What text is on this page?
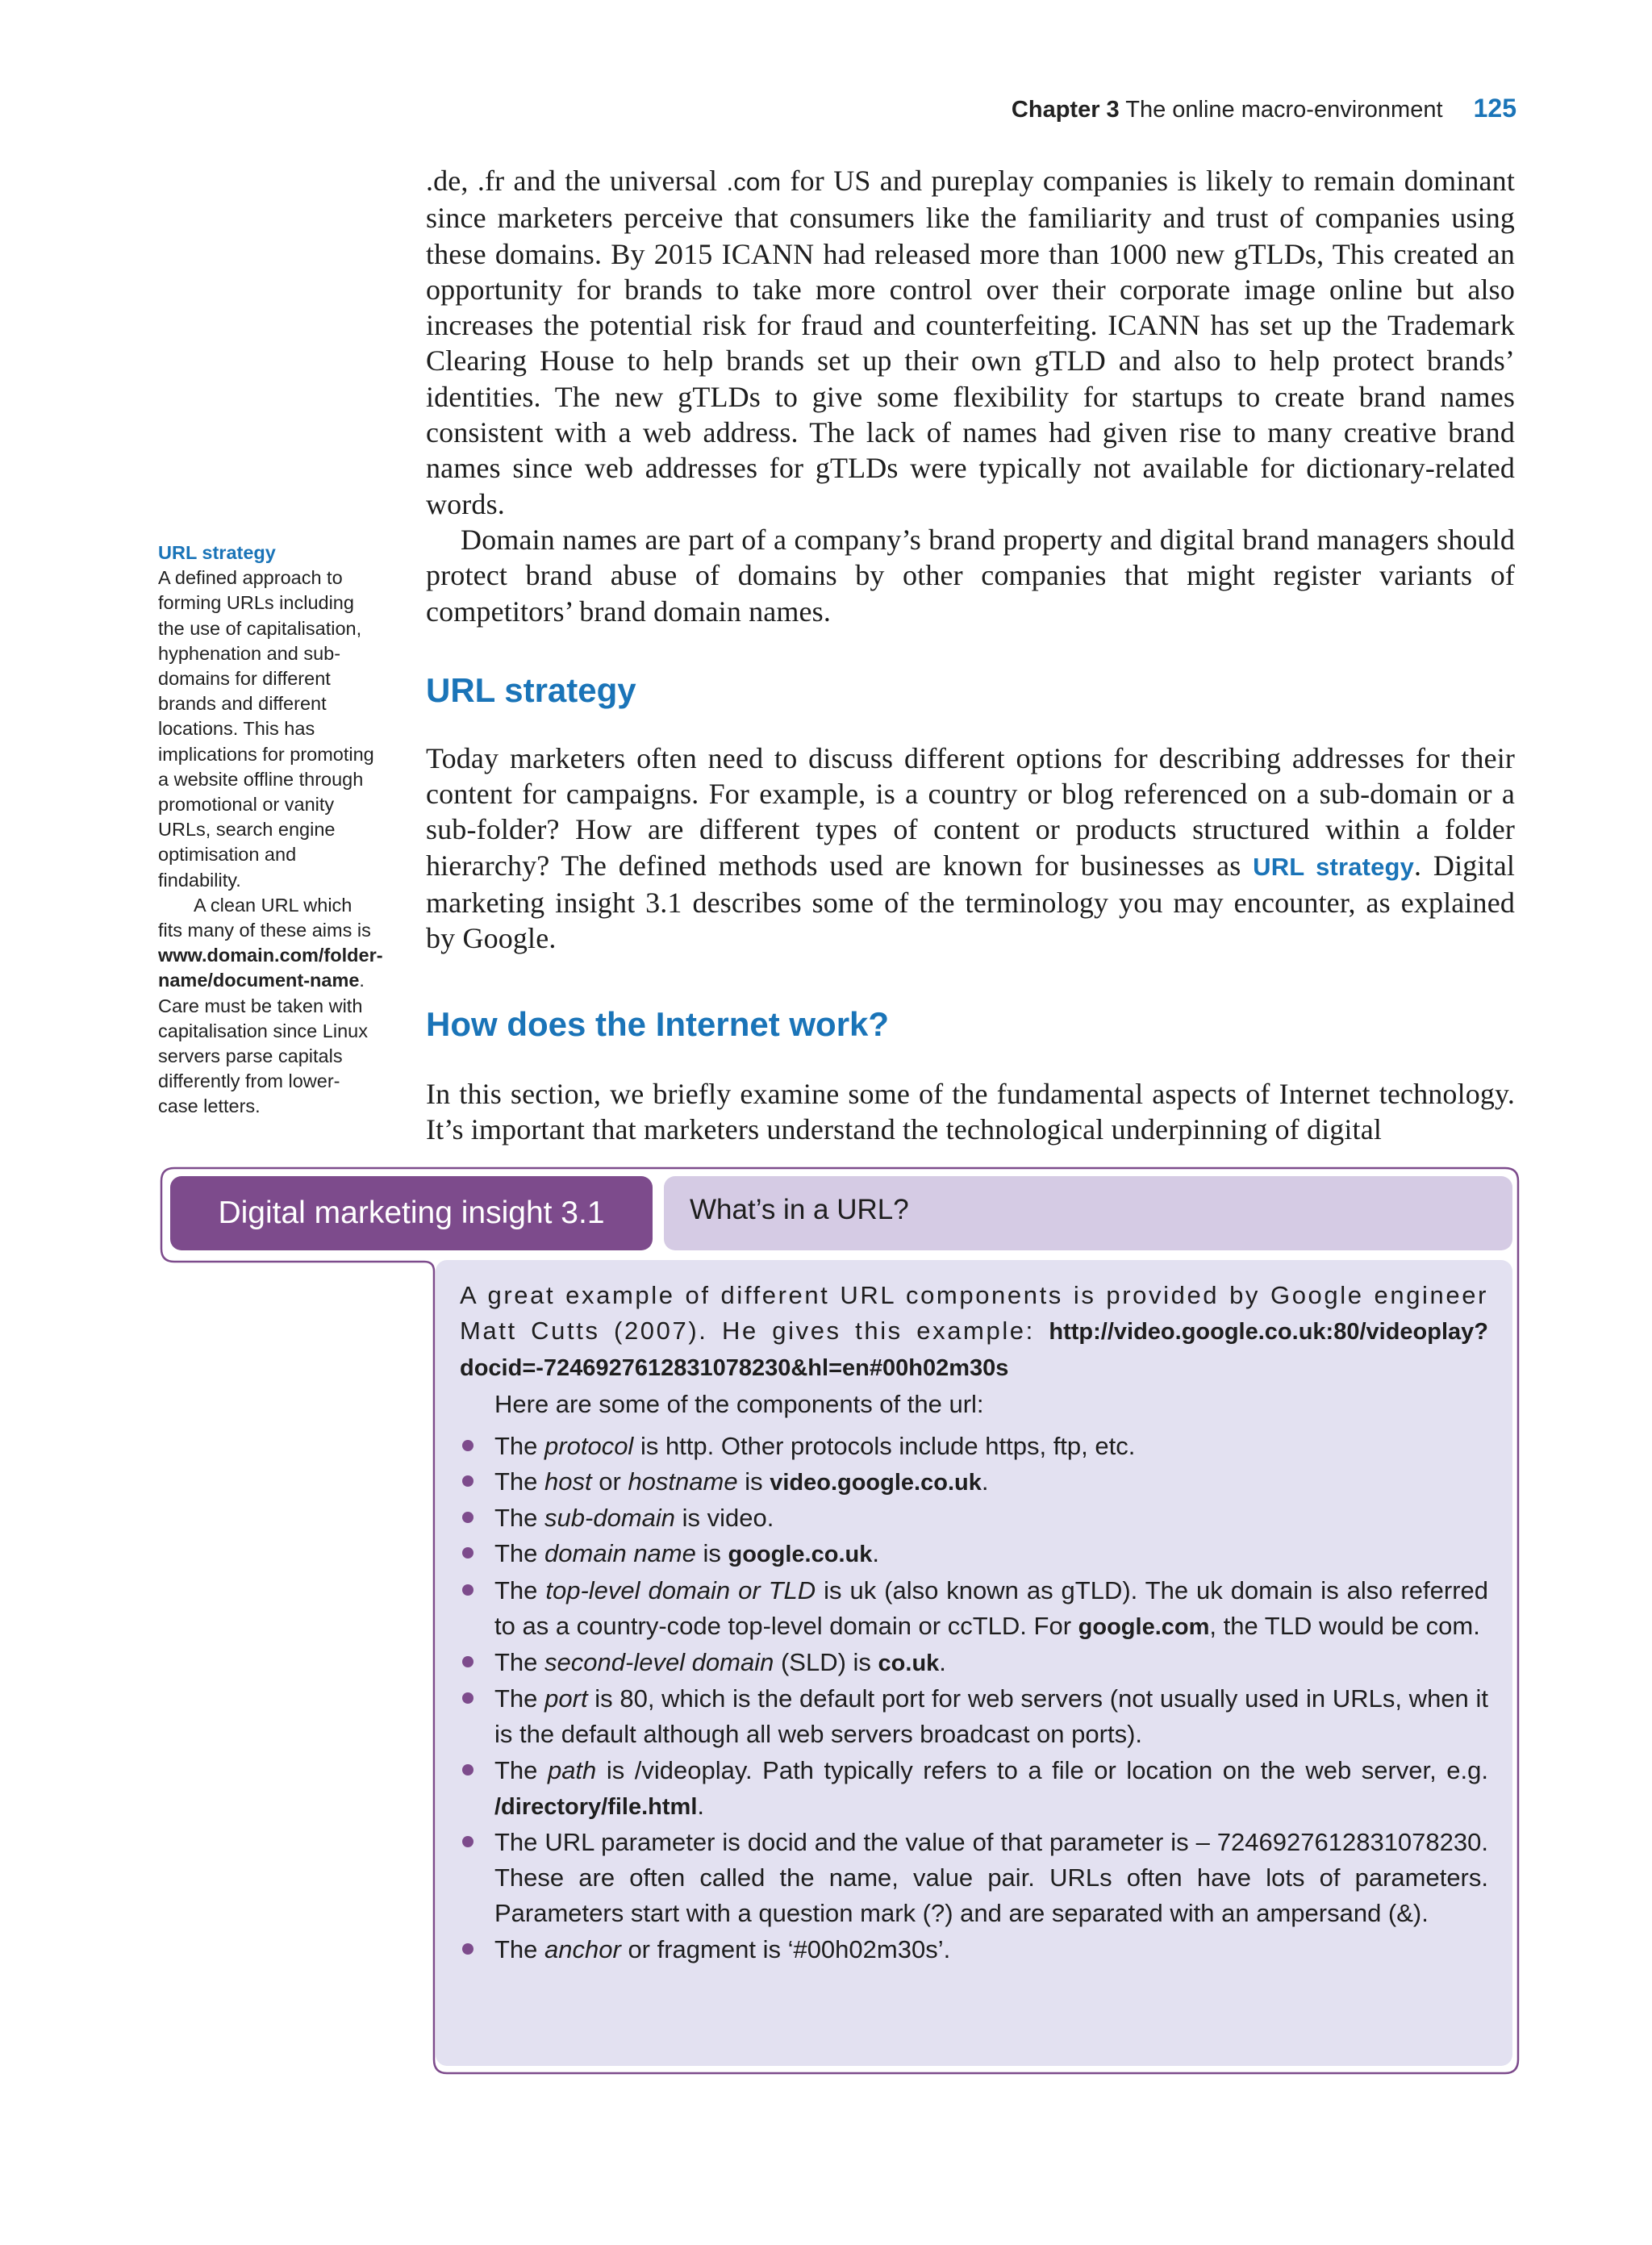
Chapter 3 The online macro-environment 125

.de, .fr and the universal .com for US and pureplay companies is likely to remain dominant since marketers perceive that consumers like the familiarity and trust of companies using these domains. By 2015 ICANN had released more than 1000 new gTLDs, This created an opportunity for brands to take more control over their corporate image online but also increases the potential risk for fraud and counterfeiting. ICANN has set up the Trademark Clearing House to help brands set up their own gTLD and also to help protect brands’ identities. The new gTLDs to give some flexibility for startups to create brand names consistent with a web address. The lack of names had given rise to many creative brand names since web addresses for gTLDs were typically not available for dictionary-related words.

Domain names are part of a company’s brand property and digital brand managers should protect brand abuse of domains by other companies that might register variants of competitors’ brand domain names.

URL strategy

Today marketers often need to discuss different options for describing addresses for their content for campaigns. For example, is a country or blog referenced on a sub-domain or a sub-folder? How are different types of content or products structured within a folder hierarchy? The defined methods used are known for businesses as URL strategy. Digital marketing insight 3.1 describes some of the terminology you may encounter, as explained by Google.

How does the Internet work?

In this section, we briefly examine some of the fundamental aspects of Internet technology. It’s important that marketers understand the technological underpinning of digital

URL strategy

A defined approach to forming URLs including the use of capitalisation, hyphenation and sub-domains for different brands and different locations. This has implications for promoting a website offline through promotional or vanity URLs, search engine optimisation and findability.

A clean URL which fits many of these aims is www.domain.com/folder-name/document-name. Care must be taken with capitalisation since Linux servers parse capitals differently from lower-case letters.

Digital marketing insight 3.1	What’s in a URL?

A great example of different URL components is provided by Google engineer Matt Cutts (2007). He gives this example: http://video.google.co.uk:80/videoplay?docid=-7246927612831078230&hl=en#00h02m30s

Here are some of the components of the url:

The protocol is http. Other protocols include https, ftp, etc.
The host or hostname is video.google.co.uk.
The sub-domain is video.
The domain name is google.co.uk.
The top-level domain or TLD is uk (also known as gTLD). The uk domain is also referred to as a country-code top-level domain or ccTLD. For google.com, the TLD would be com.
The second-level domain (SLD) is co.uk.
The port is 80, which is the default port for web servers (not usually used in URLs, when it is the default although all web servers broadcast on ports).
The path is /videoplay. Path typically refers to a file or location on the web server, e.g. /directory/file.html.
The URL parameter is docid and the value of that parameter is – 7246927612831078230. These are often called the name, value pair. URLs often have lots of parameters. Parameters start with a question mark (?) and are separated with an ampersand (&).
The anchor or fragment is ‘#00h02m30s’.
